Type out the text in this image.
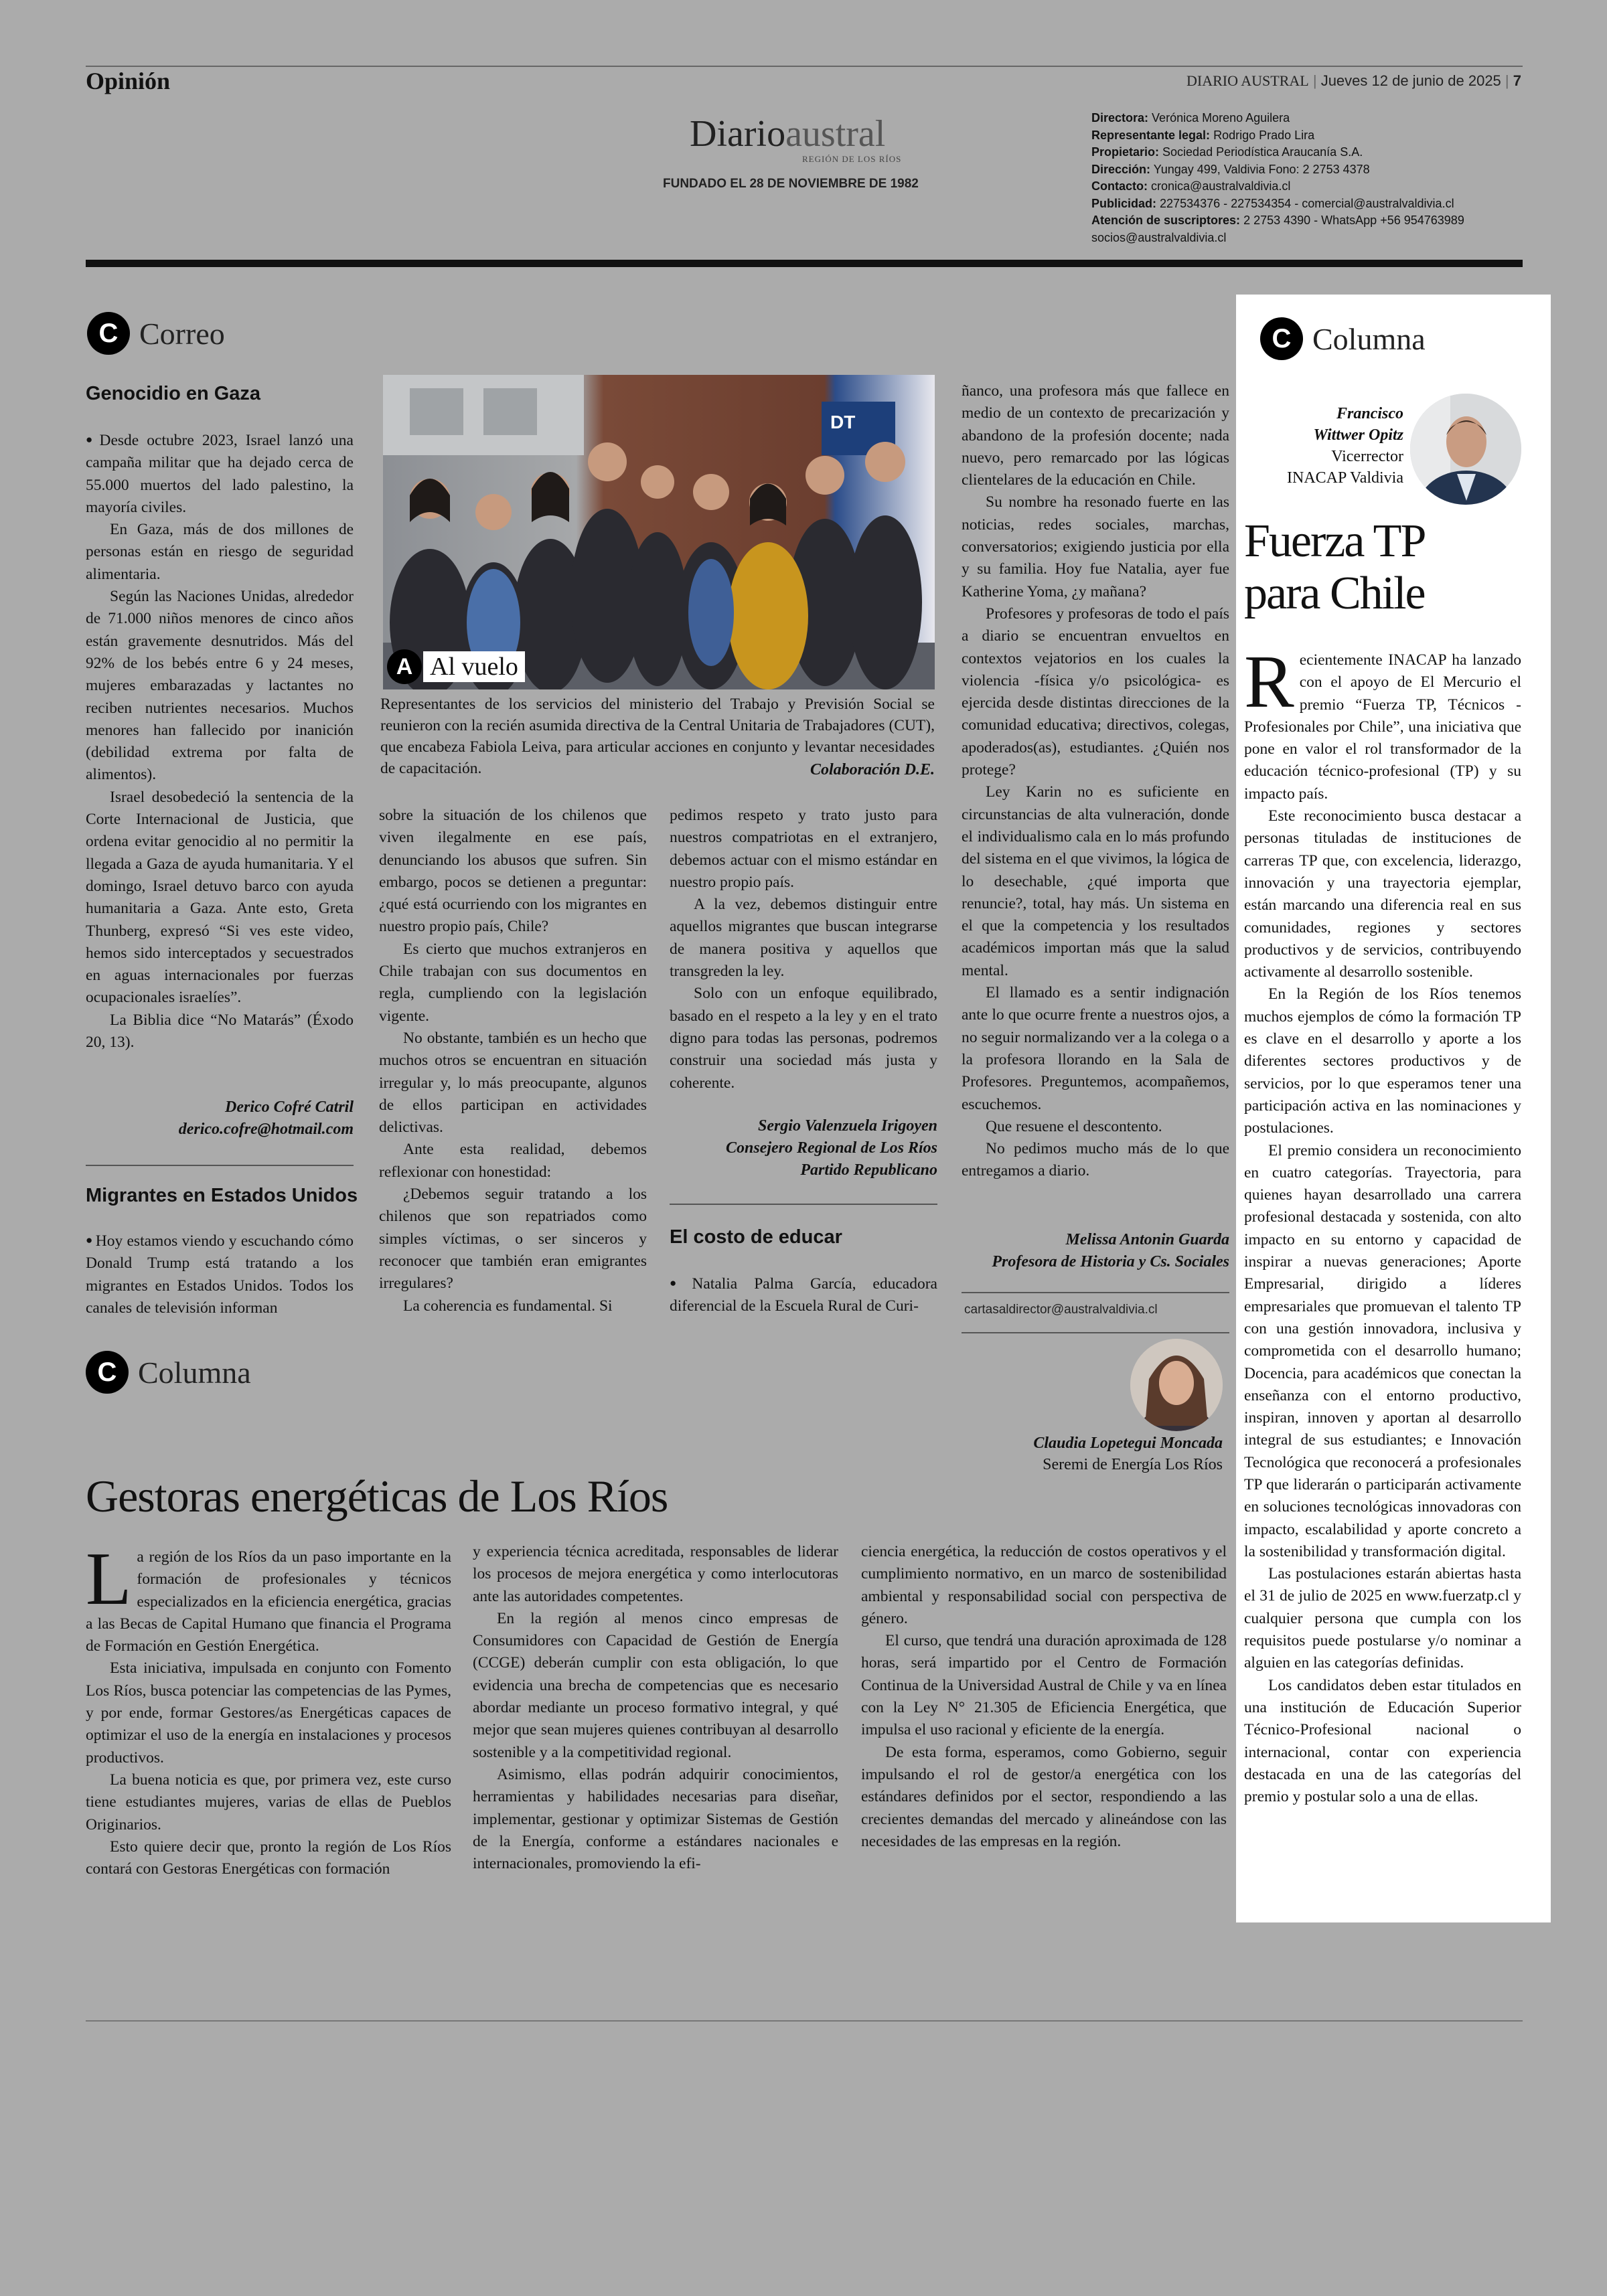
Opinión	DIARIO AUSTRAL | Jueves 12 de junio de 2025 | 7
Diarioaustral
REGIÓN DE LOS RÍOS
FUNDADO EL 28 DE NOVIEMBRE DE 1982
Directora: Verónica Moreno Aguilera
Representante legal: Rodrigo Prado Lira
Propietario: Sociedad Periodística Araucanía S.A.
Dirección: Yungay 499, Valdivia Fono: 2 2753 4378
Contacto: cronica@australvaldivia.cl
Publicidad: 227534376 - 227534354 - comercial@australvaldivia.cl
Atención de suscriptores: 2 2753 4390 - WhatsApp +56 954763989
socios@australvaldivia.cl
C Correo
Genocidio en Gaza

● Desde octubre 2023, Israel lanzó una campaña militar que ha dejado cerca de 55.000 muertos del lado palestino, la mayoría civiles.

En Gaza, más de dos millones de personas están en riesgo de seguridad alimentaria.

Según las Naciones Unidas, alrededor de 71.000 niños menores de cinco años están gravemente desnutridos. Más del 92% de los bebés entre 6 y 24 meses, mujeres embarazadas y lactantes no reciben nutrientes necesarios. Muchos menores han fallecido por inanición (debilidad extrema por falta de alimentos).

Israel desobedeció la sentencia de la Corte Internacional de Justicia, que ordena evitar genocidio al no permitir la llegada a Gaza de ayuda humanitaria. Y el domingo, Israel detuvo barco con ayuda humanitaria a Gaza. Ante esto, Greta Thunberg, expresó “Si ves este video, hemos sido interceptados y secuestrados en aguas internacionales por fuerzas ocupacionales israelíes”.

La Biblia dice “No Matarás” (Éxodo 20, 13).

Derico Cofré Catril
derico.cofre@hotmail.com
Migrantes en Estados Unidos

● Hoy estamos viendo y escuchando cómo Donald Trump está tratando a los migrantes en Estados Unidos. Todos los canales de televisión informan

DT
A Al vuelo

Representantes de los servicios del ministerio del Trabajo y Previsión Social se reunieron con la recién asumida directiva de la Central Unitaria de Trabajadores (CUT), que encabeza Fabiola Leiva, para articular acciones en conjunto y levantar necesidades de capacitación.	Colaboración D.E.

sobre la situación de los chilenos que viven ilegalmente en ese país, denunciando los abusos que sufren. Sin embargo, pocos se detienen a preguntar: ¿qué está ocurriendo con los migrantes en nuestro propio país, Chile?

Es cierto que muchos extranjeros en Chile trabajan con sus documentos en regla, cumpliendo con la legislación vigente.

No obstante, también es un hecho que muchos otros se encuentran en situación irregular y, lo más preocupante, algunos de ellos participan en actividades delictivas.

Ante esta realidad, debemos reflexionar con honestidad:

¿Debemos seguir tratando a los chilenos que son repatriados como simples víctimas, o ser sinceros y reconocer que también eran emigrantes irregulares?

La coherencia es fundamental. Si

pedimos respeto y trato justo para nuestros compatriotas en el extranjero, debemos actuar con el mismo estándar en nuestro propio país.

A la vez, debemos distinguir entre aquellos migrantes que buscan integrarse de manera positiva y aquellos que transgreden la ley.

Solo con un enfoque equilibrado, basado en el respeto a la ley y en el trato digno para todas las personas, podremos construir una sociedad más justa y coherente.

Sergio Valenzuela Irigoyen
Consejero Regional de Los Ríos
Partido Republicano
El costo de educar

● Natalia Palma García, educadora diferencial de la Escuela Rural de Curi-

ñanco, una profesora más que fallece en medio de un contexto de precarización y abandono de la profesión docente; nada nuevo, pero remarcado por las lógicas clientelares de la educación en Chile.

Su nombre ha resonado fuerte en las noticias, redes sociales, marchas, conversatorios; exigiendo justicia por ella y su familia. Hoy fue Natalia, ayer fue Katherine Yoma, ¿y mañana?

Profesores y profesoras de todo el país a diario se encuentran envueltos en contextos vejatorios en los cuales la violencia -física y/o psicológica- es ejercida desde distintas direcciones de la comunidad educativa; directivos, colegas, apoderados(as), estudiantes. ¿Quién nos protege?

Ley Karin no es suficiente en circunstancias de alta vulneración, donde el individualismo cala en lo más profundo del sistema en el que vivimos, la lógica de lo desechable, ¿qué importa que renuncie?, total, hay más. Un sistema en el que la competencia y los resultados académicos importan más que la salud mental.

El llamado es a sentir indignación ante lo que ocurre frente a nuestros ojos, a no seguir normalizando ver a la colega o a la profesora llorando en la Sala de Profesores. Preguntemos, acompañemos, escuchemos.

Que resuene el descontento.

No pedimos mucho más de lo que entregamos a diario.

Melissa Antonin Guarda
Profesora de Historia y Cs. Sociales
cartasaldirector@australvaldivia.cl
C Columna
Francisco
Wittwer Opitz
Vicerrector
INACAP Valdivia
Fuerza TP
para Chile

Recientemente INACAP ha lanzado con el apoyo de El Mercurio el premio “Fuerza TP, Técnicos -Profesionales por Chile”, una iniciativa que pone en valor el rol transformador de la educación técnico-profesional (TP) y su impacto país.

Este reconocimiento busca destacar a personas tituladas de instituciones de carreras TP que, con excelencia, liderazgo, innovación y una trayectoria ejemplar, están marcando una diferencia real en sus comunidades, regiones y sectores productivos y de servicios, contribuyendo activamente al desarrollo sostenible.

En la Región de los Ríos tenemos muchos ejemplos de cómo la formación TP es clave en el desarrollo y aporte a los diferentes sectores productivos y de servicios, por lo que esperamos tener una participación activa en las nominaciones y postulaciones.

El premio considera un reconocimiento en cuatro categorías. Trayectoria, para quienes hayan desarrollado una carrera profesional destacada y sostenida, con alto impacto en su entorno y capacidad de inspirar a nuevas generaciones; Aporte Empresarial, dirigido a líderes empresariales que promuevan el talento TP con una gestión innovadora, inclusiva y comprometida con el desarrollo humano; Docencia, para académicos que conectan la enseñanza con el entorno productivo, inspiran, innoven y aportan al desarrollo integral de sus estudiantes; e Innovación Tecnológica que reconocerá a profesionales TP que liderarán o participarán activamente en soluciones tecnológicas innovadoras con impacto, escalabilidad y aporte concreto a la sostenibilidad y transformación digital.

Las postulaciones estarán abiertas hasta el 31 de julio de 2025 en www.fuerzatp.cl y cualquier persona que cumpla con los requisitos puede postularse y/o nominar a alguien en las categorías definidas.

Los candidatos deben estar titulados en una institución de Educación Superior Técnico-Profesional nacional o internacional, contar con experiencia destacada en una de las categorías del premio y postular solo a una de ellas.

C Columna
Claudia Lopetegui Moncada
Seremi de Energía Los Ríos
Gestoras energéticas de Los Ríos

La región de los Ríos da un paso importante en la formación de profesionales y técnicos especializados en la eficiencia energética, gracias a las Becas de Capital Humano que financia el Programa de Formación en Gestión Energética.

Esta iniciativa, impulsada en conjunto con Fomento Los Ríos, busca potenciar las competencias de las Pymes, y por ende, formar Gestores/as Energéticas capaces de optimizar el uso de la energía en instalaciones y procesos productivos.

La buena noticia es que, por primera vez, este curso tiene estudiantes mujeres, varias de ellas de Pueblos Originarios.

Esto quiere decir que, pronto la región de Los Ríos contará con Gestoras Energéticas con formación

y experiencia técnica acreditada, responsables de liderar los procesos de mejora energética y como interlocutoras ante las autoridades competentes.

En la región al menos cinco empresas de Consumidores con Capacidad de Gestión de Energía (CCGE) deberán cumplir con esta obligación, lo que evidencia una brecha de competencias que es necesario abordar mediante un proceso formativo integral, y qué mejor que sean mujeres quienes contribuyan al desarrollo sostenible y a la competitividad regional.

Asimismo, ellas podrán adquirir conocimientos, herramientas y habilidades necesarias para diseñar, implementar, gestionar y optimizar Sistemas de Gestión de la Energía, conforme a estándares nacionales e internacionales, promoviendo la efi-

ciencia energética, la reducción de costos operativos y el cumplimiento normativo, en un marco de sostenibilidad ambiental y responsabilidad social con perspectiva de género.

El curso, que tendrá una duración aproximada de 128 horas, será impartido por el Centro de Formación Continua de la Universidad Austral de Chile y va en línea con la Ley N° 21.305 de Eficiencia Energética, que impulsa el uso racional y eficiente de la energía.

De esta forma, esperamos, como Gobierno, seguir impulsando el rol de gestor/a energética con los estándares definidos por el sector, respondiendo a las crecientes demandas del mercado y alineándose con las necesidades de las empresas en la región.
